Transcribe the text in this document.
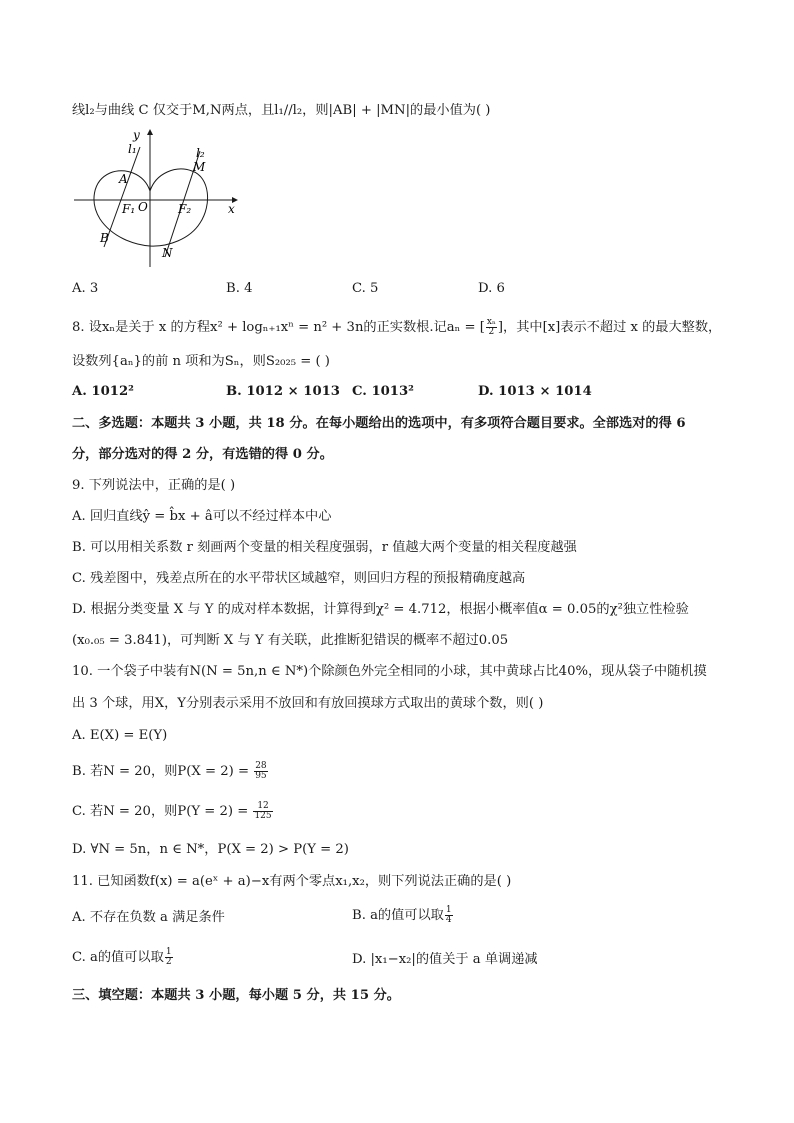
线l₂与曲线 C 仅交于M,N两点，且l₁//l₂，则|AB| + |MN|的最小值为( )
y
x
O
l₁	l₂
A
B
M
N
F₁	F₂
A. 3	B. 4	C. 5	D. 6
8. 设xₙ是关于 x 的方程x² + logₙ₊₁xⁿ = n² + 3n的正实数根.记aₙ = [ $\frac{\text{xₙ}}{2}$ ]，其中[x]表示不超过 x 的最大整数，
设数列{aₙ}的前 n 项和为Sₙ，则S₂₀₂₅ = ( )
A. 1012²	B. 1012 × 1013 C. 1013²	D. 1013 × 1014
二、多选题：本题共 3 小题，共 18 分。在每小题给出的选项中，有多项符合题目要求。全部选对的得 6
分，部分选对的得 2 分，有选错的得 0 分。
9. 下列说法中，正确的是( )
A. 回归直线ŷ = b̂x + â可以不经过样本中心
B. 可以用相关系数 r 刻画两个变量的相关程度强弱，r 值越大两个变量的相关程度越强
C. 残差图中，残差点所在的水平带状区域越窄，则回归方程的预报精确度越高
D. 根据分类变量 X 与 Y 的成对样本数据，计算得到χ² = 4.712，根据小概率值α = 0.05的χ²独立性检验
(x₀.₀₅ = 3.841)，可判断 X 与 Y 有关联，此推断犯错误的概率不超过0.05
10. 一个袋子中装有N(N = 5n,n ∈ N*)个除颜色外完全相同的小球，其中黄球占比40%，现从袋子中随机摸
出 3 个球，用X，Y分别表示采用不放回和有放回摸球方式取出的黄球个数，则( )
A. E(X) = E(Y)
B. 若N = 20，则$P(X = 2) = \frac{28}{95}$
C. 若N = 20，则$P(Y = 2) = \frac{12}{125}$
D. ∀N = 5n，n ∈ N*，P(X = 2) > P(Y = 2)
11. 已知函数f(x) = a(eˣ + a)−x有两个零点x₁,x₂，则下列说法正确的是( )
A. 不存在负数 a 满足条件	B. a的值可以取 $\frac{1}{4}$
C. a的值可以取 $\frac{1}{2}$	D. |x₁−x₂|的值关于 a 单调递减
三、填空题：本题共 3 小题，每小题 5 分，共 15 分。
